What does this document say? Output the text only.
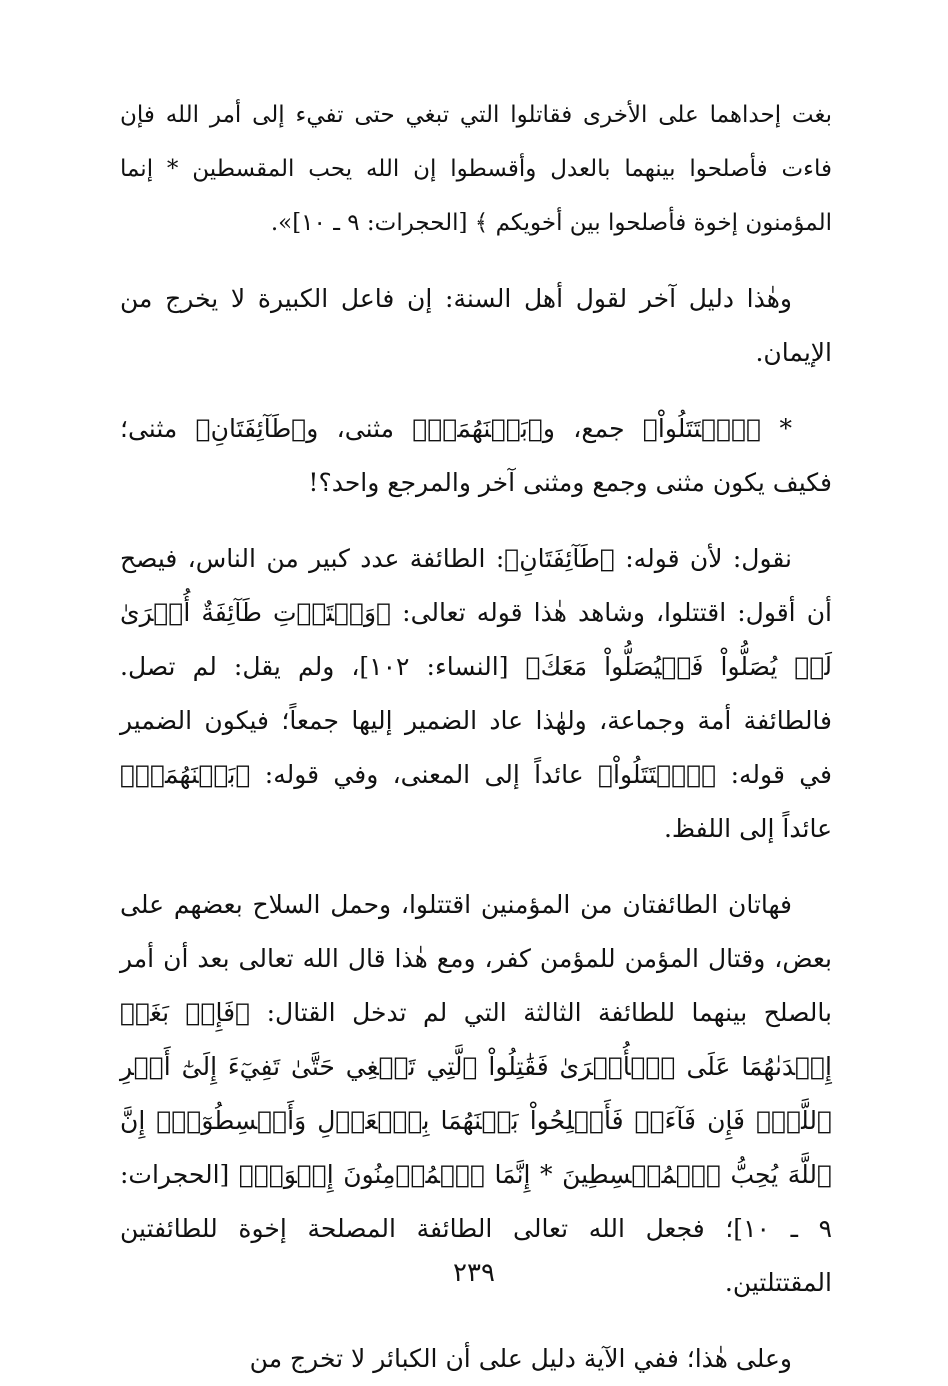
بغت إحداهما على الأخرى فقاتلوا التي تبغي حتى تفيء إلى أمر الله فإن فاءت فأصلحوا بينهما بالعدل وأقسطوا إن الله يحب المقسطين * إنما المؤمنون إخوة فأصلحوا بين أخويكم ﴾ [الحجرات: ٩ ـ ١٠]».

وهٰذا دليل آخر لقول أهل السنة: إن فاعل الكبيرة لا يخرج من الإيمان.

* ﴿ٱقۡتَتَلُواْ﴾ جمع، و﴿بَيۡنَهُمَاۖ﴾ مثنى، و﴿طَآئِفَتَانِ﴾ مثنى؛ فكيف يكون مثنى وجمع ومثنى آخر والمرجع واحد؟!

نقول: لأن قوله: ﴿طَآئِفَتَانِ﴾: الطائفة عدد كبير من الناس، فيصح أن أقول: اقتتلوا، وشاهد هٰذا قوله تعالى: ﴿وَلۡتَأۡتِ طَآئِفَةٌ أُخۡرَىٰ لَمۡ يُصَلُّواْ فَلۡيُصَلُّواْ مَعَكَ﴾ [النساء: ١٠٢]، ولم يقل: لم تصل. فالطائفة أمة وجماعة، ولهٰذا عاد الضمير إليها جمعاً؛ فيكون الضمير في قوله: ﴿ٱقۡتَتَلُواْ﴾ عائداً إلى المعنى، وفي قوله: ﴿بَيۡنَهُمَاۖ﴾ عائداً إلى اللفظ.

فهاتان الطائفتان من المؤمنين اقتتلوا، وحمل السلاح بعضهم على بعض، وقتال المؤمن للمؤمن كفر، ومع هٰذا قال الله تعالى بعد أن أمر بالصلح بينهما للطائفة الثالثة التي لم تدخل القتال: ﴿فَإِنۢ بَغَتۡ إِحۡدَىٰهُمَا عَلَى ٱلۡأُخۡرَىٰ فَقَٰتِلُواْ ٱلَّتِي تَبۡغِي حَتَّىٰ تَفِيٓءَ إِلَىٰٓ أَمۡرِ ٱللَّهِۚ فَإِن فَآءَتۡ فَأَصۡلِحُواْ بَيۡنَهُمَا بِٱلۡعَدۡلِ وَأَقۡسِطُوٓاْۖ إِنَّ ٱللَّهَ يُحِبُّ ٱلۡمُقۡسِطِينَ * إِنَّمَا ٱلۡمُؤۡمِنُونَ إِخۡوَةٞ﴾ [الحجرات: ٩ ـ ١٠]؛ فجعل الله تعالى الطائفة المصلحة إخوة للطائفتين المقتتلتين.

وعلى هٰذا؛ ففي الآية دليل على أن الكبائر لا تخرج من

٢٣٩
